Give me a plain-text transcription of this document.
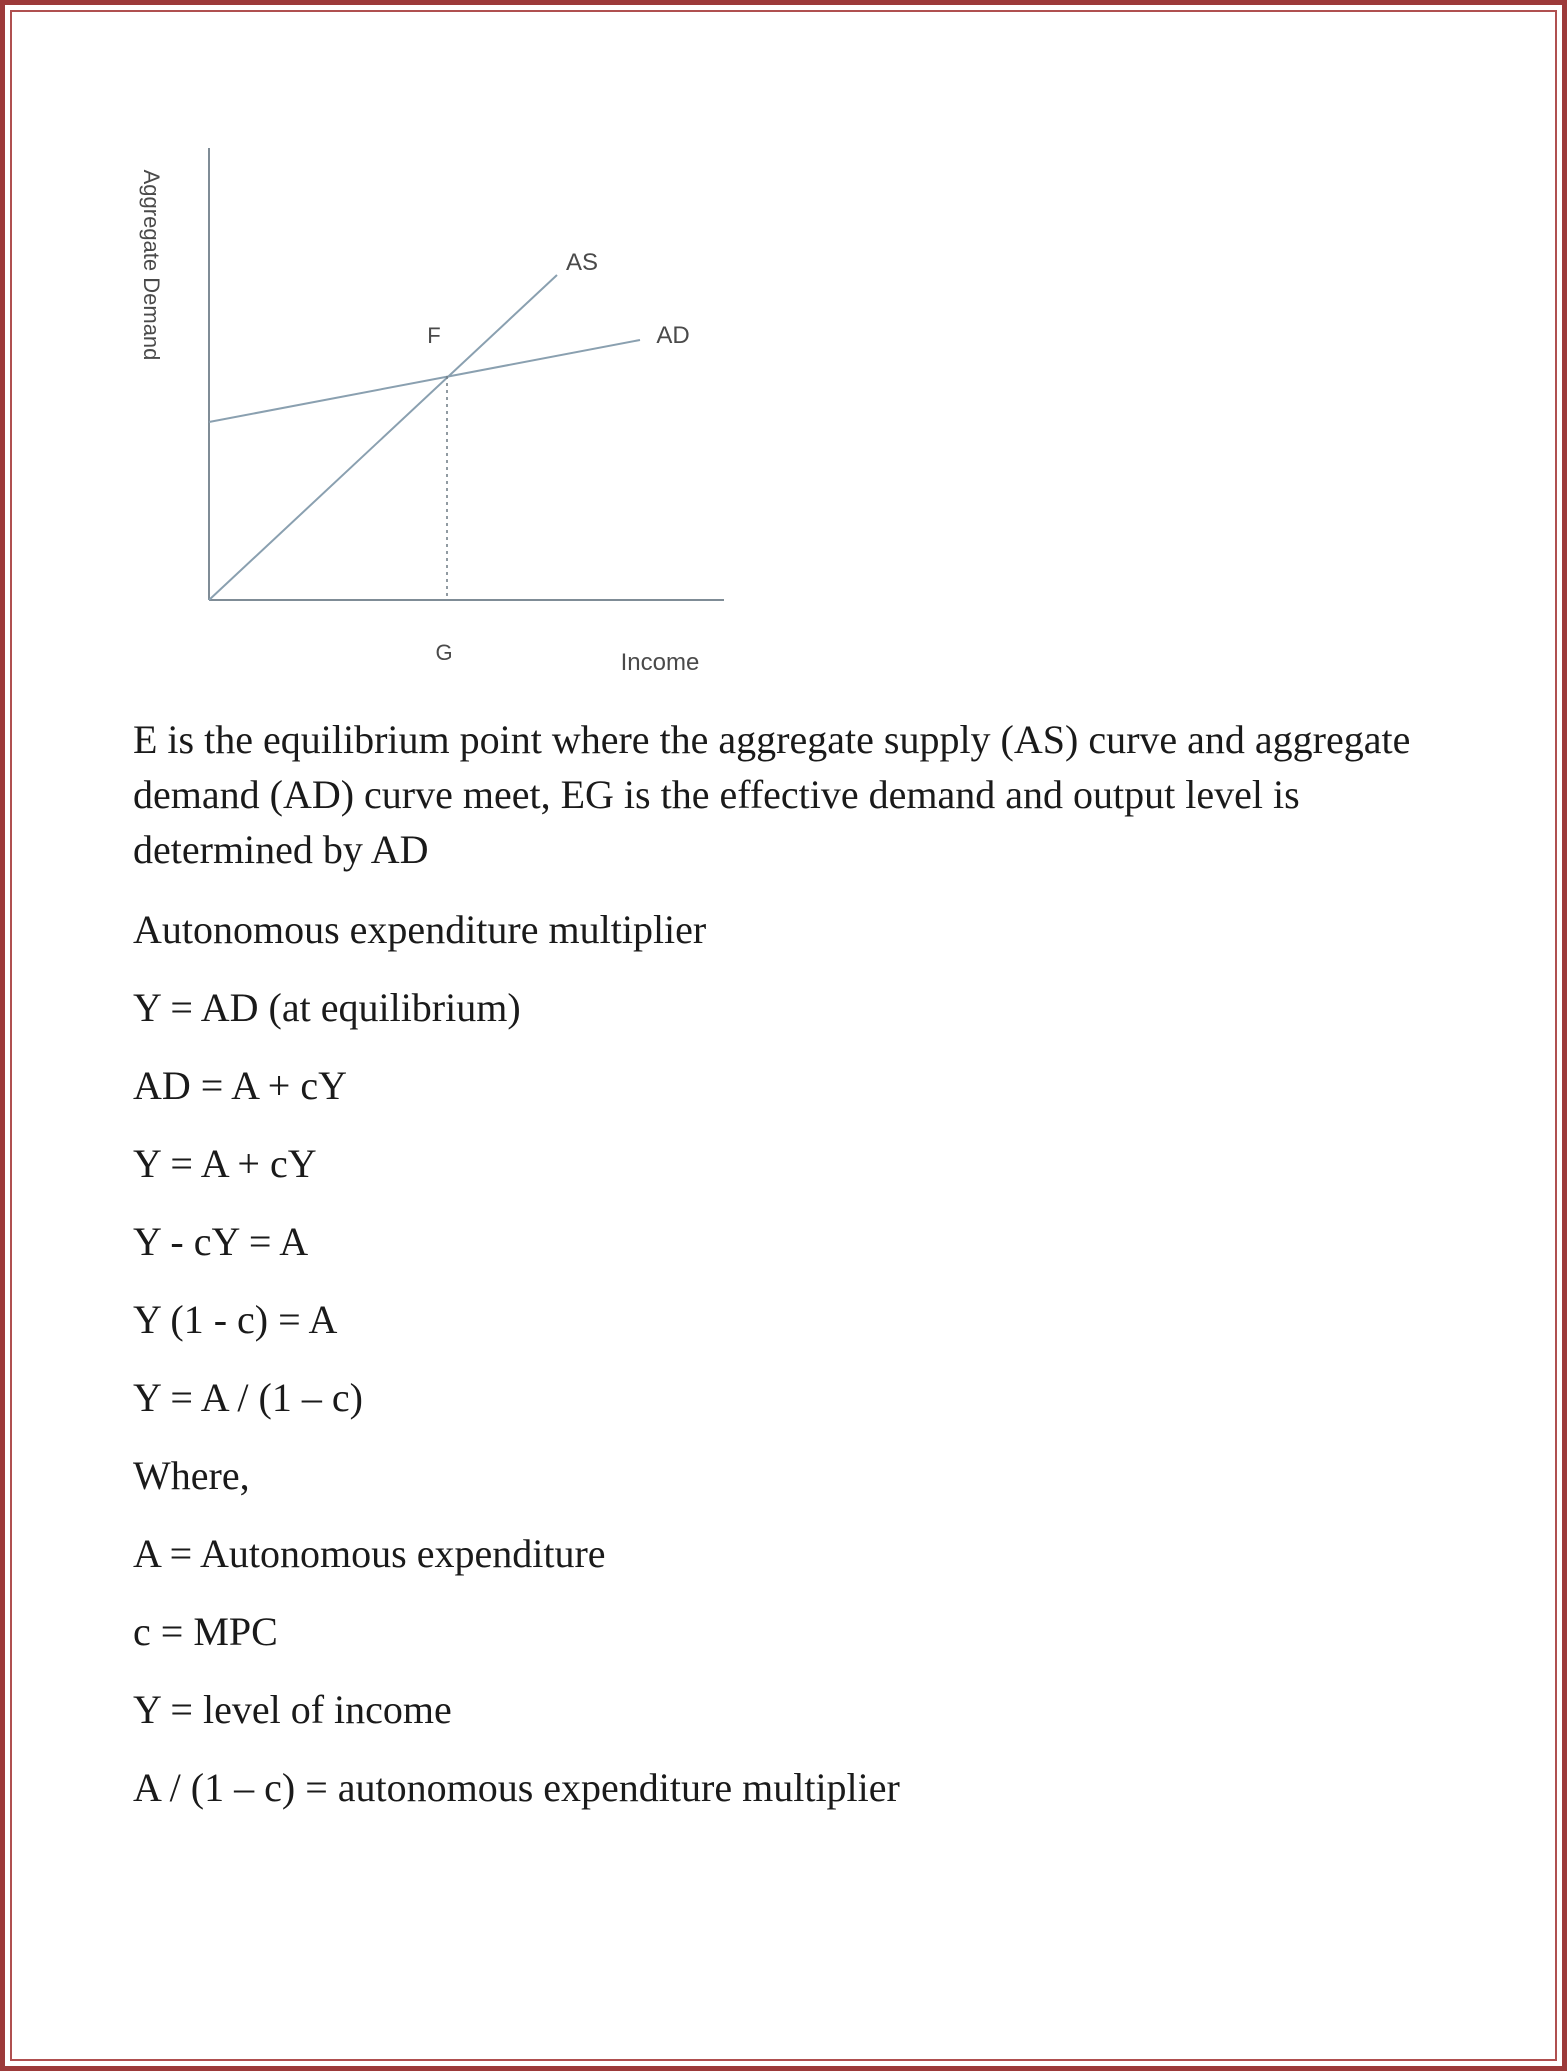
Aggregate Demand	AS
AD
F
G	Income

E is the equilibrium point where the aggregate supply (AS) curve and aggregate demand (AD) curve meet, EG is the effective demand and output level is determined by AD

Autonomous expenditure multiplier

Y = AD (at equilibrium)

AD = A + cY

Y = A + cY

Y - cY = A

Y (1 - c) = A

Y = A / (1 – c)

Where,

A = Autonomous expenditure

c = MPC

Y = level of income

A / (1 – c) = autonomous expenditure multiplier
